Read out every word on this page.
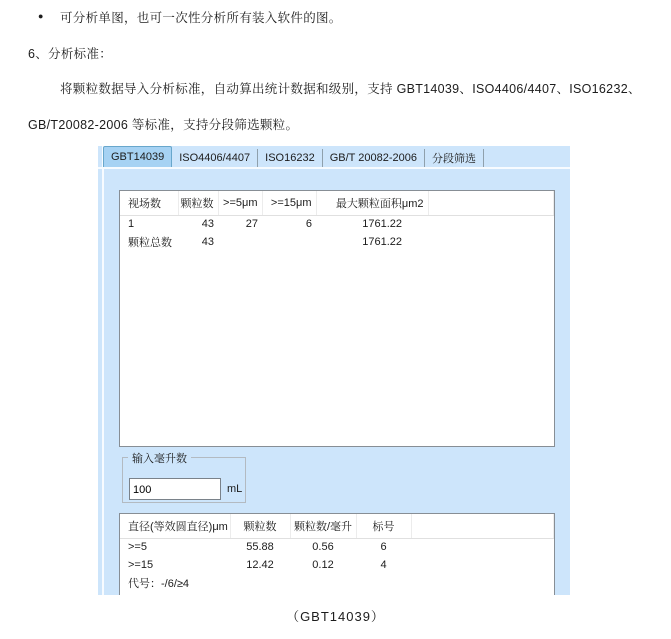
● 可分析单图，也可一次性分析所有装入软件的图。
6、分析标准：
将颗粒数据导入分析标准，自动算出统计数据和级别，支持 GBT14039、ISO4406/4407、ISO16232、
GB/T20082-2006 等标准，支持分段筛选颗粒。
GBT14039	ISO4406/4407	ISO16232	GB/T 20082-2006	分段筛选
视场数	颗粒数	>=5μm	>=15μm	最大颗粒面积μm2	
1	43	27	6	1761.22	
颗粒总数	43			1761.22	
输入毫升数
100
mL
直径(等效圆直径)μm	颗粒数	颗粒数/毫升	标号	
>=5	55.88	0.56	6	
>=15	12.42	0.12	4	
代号：-/6/≥4				
（GBT14039）
